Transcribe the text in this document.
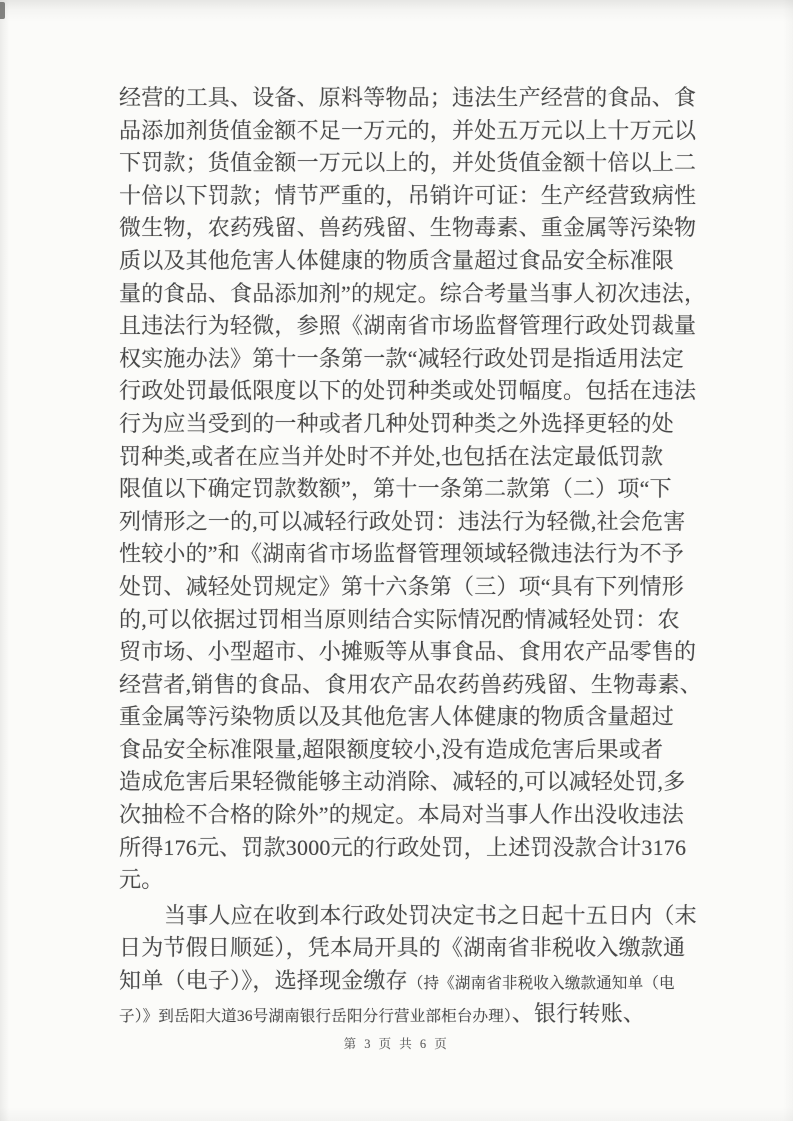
经营的工具、设备、原料等物品；违法生产经营的食品、食
品添加剂货值金额不足一万元的，并处五万元以上十万元以
下罚款；货值金额一万元以上的，并处货值金额十倍以上二
十倍以下罚款；情节严重的，吊销许可证：生产经营致病性
微生物，农药残留、兽药残留、生物毒素、重金属等污染物
质以及其他危害人体健康的物质含量超过食品安全标准限
量的食品、食品添加剂”的规定。综合考量当事人初次违法，
且违法行为轻微，参照《湖南省市场监督管理行政处罚裁量
权实施办法》第十一条第一款“减轻行政处罚是指适用法定
行政处罚最低限度以下的处罚种类或处罚幅度。包括在违法
行为应当受到的一种或者几种处罚种类之外选择更轻的处
罚种类,或者在应当并处时不并处,也包括在法定最低罚款
限值以下确定罚款数额”，第十一条第二款第（二）项“下
列情形之一的,可以减轻行政处罚：违法行为轻微,社会危害
性较小的”和《湖南省市场监督管理领域轻微违法行为不予
处罚、减轻处罚规定》第十六条第（三）项“具有下列情形
的,可以依据过罚相当原则结合实际情况酌情减轻处罚：农
贸市场、小型超市、小摊贩等从事食品、食用农产品零售的
经营者,销售的食品、食用农产品农药兽药残留、生物毒素、
重金属等污染物质以及其他危害人体健康的物质含量超过
食品安全标准限量,超限额度较小,没有造成危害后果或者
造成危害后果轻微能够主动消除、减轻的,可以减轻处罚,多
次抽检不合格的除外”的规定。本局对当事人作出没收违法
所得176元、罚款3000元的行政处罚，上述罚没款合计3176
元。
当事人应在收到本行政处罚决定书之日起十五日内（末
日为节假日顺延），凭本局开具的《湖南省非税收入缴款通
知单（电子）》，选择现金缴存（持《湖南省非税收入缴款通知单（电
子）》到岳阳大道36号湖南银行岳阳分行营业部柜台办理）、银行转账、
第 3 页 共 6 页
